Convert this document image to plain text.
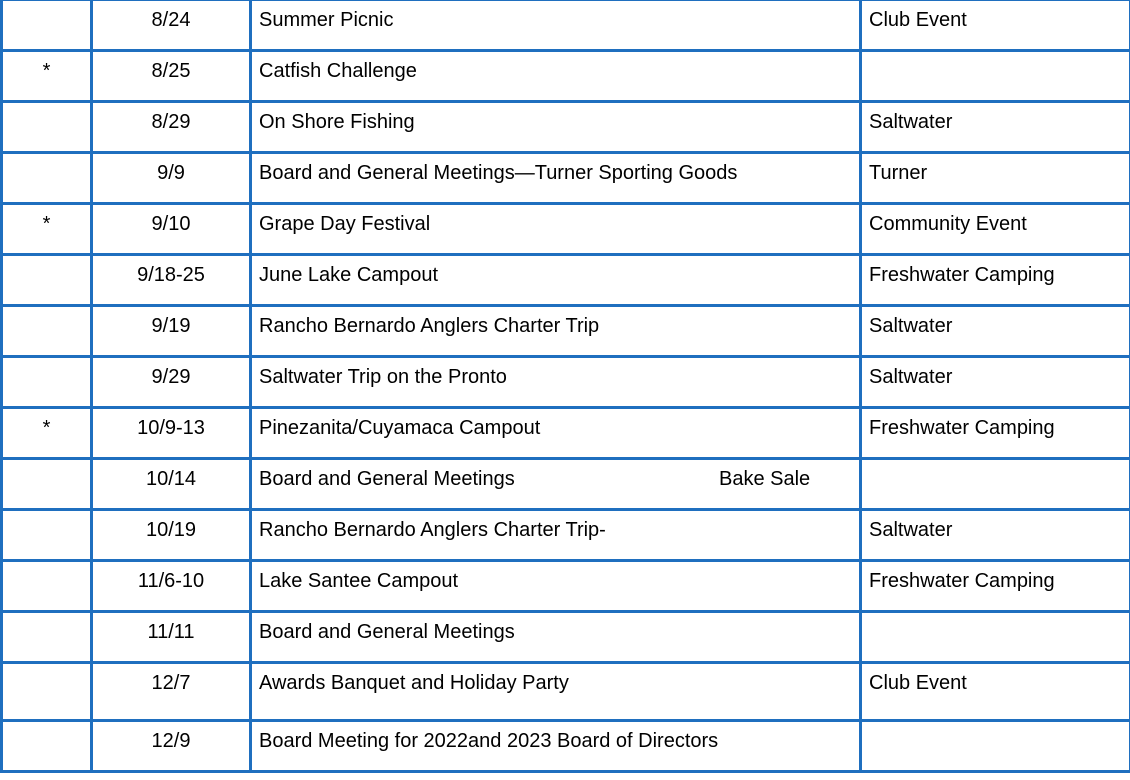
	8/24	Summer Picnic	Club Event
*	8/25	Catfish Challenge	

	8/29	On Shore Fishing	Saltwater
	9/9	Board and General Meetings—Turner Sporting Goods	Turner
*	9/10	Grape Day Festival	Community Event
	9/18-25	June Lake Campout	Freshwater Camping
	9/19	Rancho Bernardo Anglers Charter Trip	Saltwater
	9/29	Saltwater Trip on the Pronto	Saltwater
*	10/9-13	Pinezanita/Cuyamaca Campout	Freshwater Camping
	10/14	Board and General Meetings Bake Sale	

	10/19	Rancho Bernardo Anglers Charter Trip-	Saltwater
	11/6-10	Lake Santee Campout	Freshwater Camping
	11/11	Board and General Meetings	

	12/7	Awards Banquet and Holiday Party	Club Event
	12/9	Board Meeting for 2022and 2023 Board of Directors	
